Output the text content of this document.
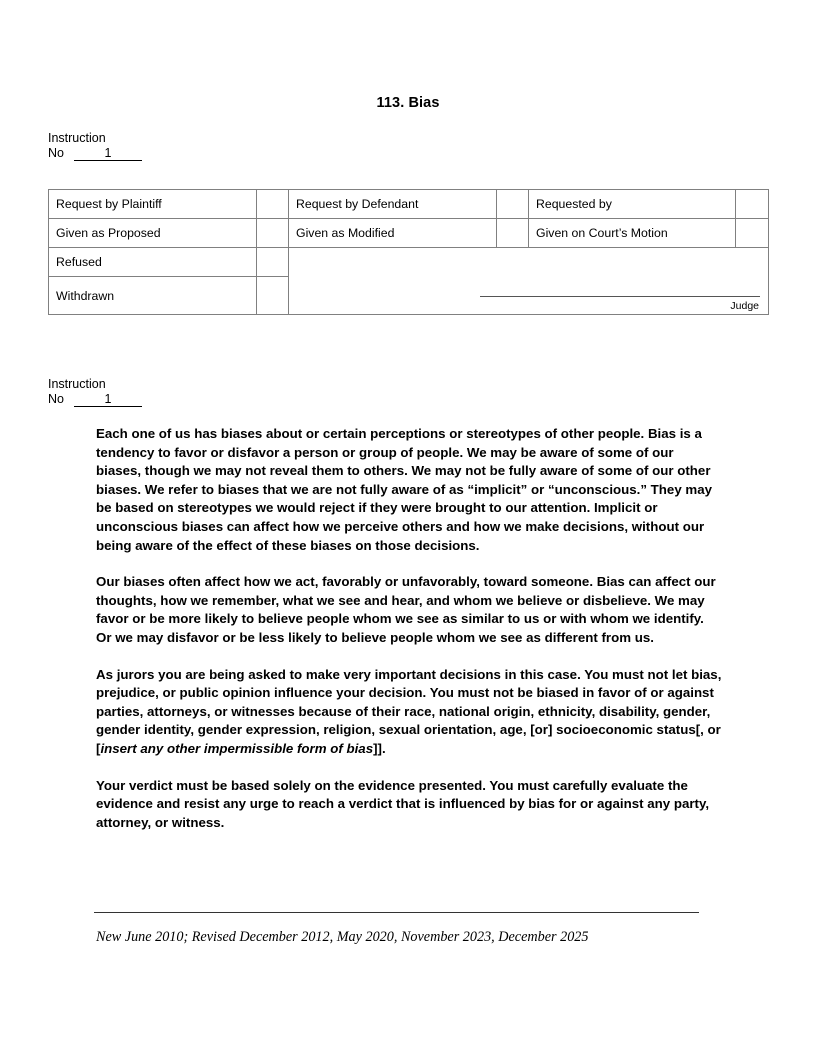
113. Bias
Instruction
No	1
Request by Plaintiff		Request by Defendant		Requested by	
Given as Proposed		Given as Modified		Given on Court’s Motion	
Refused		Judge			

Withdrawn					
Instruction
No	1

Each one of us has biases about or certain perceptions or stereotypes of other people. Bias is a tendency to favor or disfavor a person or group of people. We may be aware of some of our biases, though we may not reveal them to others. We may not be fully aware of some of our other biases. We refer to biases that we are not fully aware of as “implicit” or “unconscious.” They may be based on stereotypes we would reject if they were brought to our attention. Implicit or unconscious biases can affect how we perceive others and how we make decisions, without our being aware of the effect of these biases on those decisions.

Our biases often affect how we act, favorably or unfavorably, toward someone. Bias can affect our thoughts, how we remember, what we see and hear, and whom we believe or disbelieve. We may favor or be more likely to believe people whom we see as similar to us or with whom we identify. Or we may disfavor or be less likely to believe people whom we see as different from us.

As jurors you are being asked to make very important decisions in this case. You must not let bias, prejudice, or public opinion influence your decision. You must not be biased in favor of or against parties, attorneys, or witnesses because of their race, national origin, ethnicity, disability, gender, gender identity, gender expression, religion, sexual orientation, age, [or] socioeconomic status[, or [insert any other impermissible form of bias]].

Your verdict must be based solely on the evidence presented. You must carefully evaluate the evidence and resist any urge to reach a verdict that is influenced by bias for or against any party, attorney, or witness.

New June 2010; Revised December 2012, May 2020, November 2023, December 2025
